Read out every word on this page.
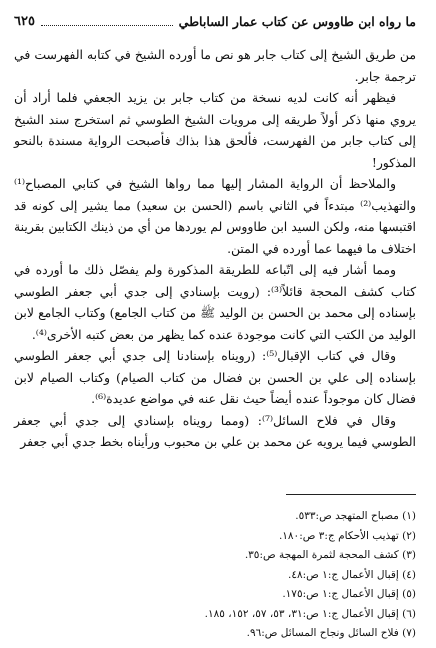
ما رواه ابن طاووس عن كتاب عمار الساباطي
٦٢٥

من طريق الشيخ إلى كتاب جابر هو نص ما أورده الشيخ في كتابه الفهرست في ترجمة جابر.

فيظهر أنه كانت لديه نسخة من كتاب جابر بن يزيد الجعفي فلما أراد أن يروي منها ذكر أولاً طريقه إلى مرويات الشيخ الطوسي ثم استخرج سند الشيخ إلى كتاب جابر من الفهرست، فألحق هذا بذاك فأصبحت الرواية مسندة بالنحو المذكور!

والملاحظ أن الرواية المشار إليها مما رواها الشيخ في كتابي المصباح⁽¹⁾ والتهذيب⁽²⁾ مبتدءاً في الثاني باسم (الحسن بن سعيد) مما يشير إلى كونه قد اقتبسها منه، ولكن السيد ابن طاووس لم يوردها من أي من ذينك الكتابين بقرينة اختلاف ما فيهما عما أورده في المتن.

ومما أشار فيه إلى اتّباعه للطريقة المذكورة ولم يفصّل ذلك ما أورده في كتاب كشف المحجة قائلاً⁽³⁾: (رويت بإسنادي إلى جدي أبي جعفر الطوسي بإسناده إلى محمد بن الحسن بن الوليد ﷺ من كتاب الجامع) وكتاب الجامع لابن الوليد من الكتب التي كانت موجودة عنده كما يظهر من بعض كتبه الأخرى⁽⁴⁾.

وقال في كتاب الإقبال⁽⁵⁾: (رويناه بإسنادنا إلى جدي أبي جعفر الطوسي بإسناده إلى علي بن الحسن بن فضال من كتاب الصيام) وكتاب الصيام لابن فضال كان موجوداً عنده أيضاً حيث نقل عنه في مواضع عديدة⁽⁶⁾.

وقال في فلاح السائل⁽⁷⁾: (ومما رويناه بإسنادي إلى جدي أبي جعفر الطوسي فيما يرويه عن محمد بن علي بن محبوب ورأيناه بخط جدي أبي جعفر

(١) مصباح المتهجد ص:٥٣٣.
(٢) تهذيب الأحكام ج:٣ ص:١٨٠.
(٣) كشف المحجة لثمرة المهجة ص:٣٥.
(٤) إقبال الأعمال ج:١ ص:٤٨.
(٥) إقبال الأعمال ج:١ ص:١٧٥.
(٦) إقبال الأعمال ج:١ ص:٣١، ٥٣، ٥٧، ١٥٢، ١٨٥.
(٧) فلاح السائل ونجاح المسائل ص:٩٦.
